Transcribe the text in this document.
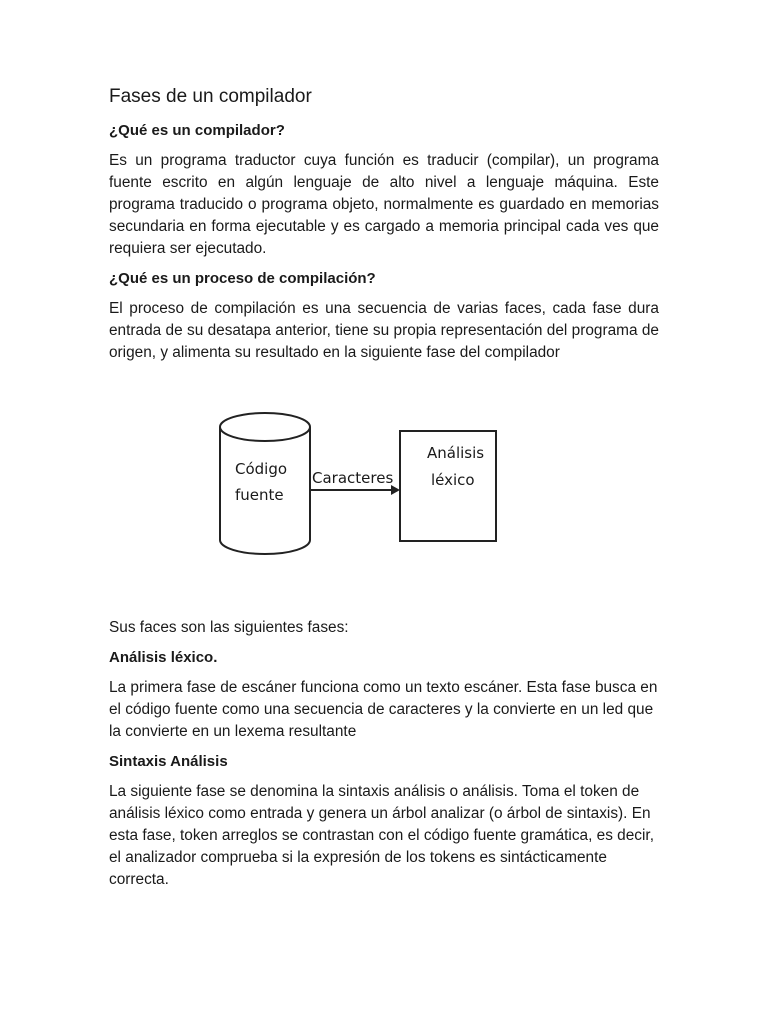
Fases de un compilador
¿Qué es un compilador?
Es un programa traductor cuya función es traducir (compilar), un programa fuente escrito en algún lenguaje de alto nivel a lenguaje máquina. Este programa traducido o programa objeto, normalmente es guardado en memorias secundaria en forma ejecutable y es cargado a memoria principal cada ves que requiera ser ejecutado.
¿Qué es un proceso de compilación?
El proceso de compilación es una secuencia de varias faces, cada fase dura entrada de su desatapa anterior, tiene su propia representación del programa de origen, y alimenta su resultado en la siguiente fase del compilador
Código
fuente
Caracteres
Análisis
léxico
Sus faces son las siguientes fases:
Análisis léxico.
La primera fase de escáner funciona como un texto escáner. Esta fase busca en el código fuente como una secuencia de caracteres y la convierte en un led que la convierte en un lexema resultante
Sintaxis Análisis
La siguiente fase se denomina la sintaxis análisis o análisis. Toma el token de análisis léxico como entrada y genera un árbol analizar (o árbol de sintaxis). En esta fase, token arreglos se contrastan con el código fuente gramática, es decir, el analizador comprueba si la expresión de los tokens es sintácticamente correcta.
